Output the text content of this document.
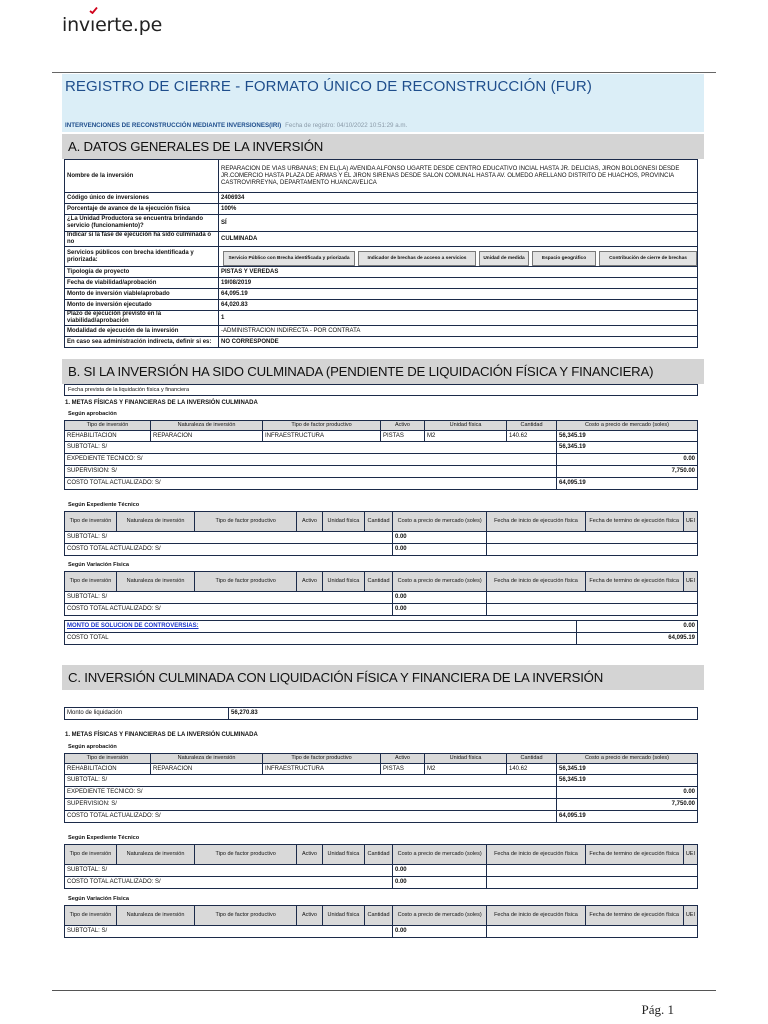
inv
ıerte.pe
REGISTRO DE CIERRE - FORMATO ÚNICO DE RECONSTRUCCIÓN (FUR)
INTERVENCIONES DE RECONSTRUCCIÓN MEDIANTE INVERSIONES(IRI) Fecha de registro: 04/10/2022 10:51:29 a.m.
A. DATOS GENERALES DE LA INVERSIÓN
Nombre de la inversión	REPARACION DE VIAS URBANAS; EN EL(LA) AVENIDA ALFONSO UGARTE DESDE CENTRO EDUCATIVO INCIAL HASTA JR. DELICIAS, JIRON BOLOGNESI DESDE JR.COMERCIO HASTA PLAZA DE ARMAS Y EL JIRON SIRENAS DESDE SALON COMUNAL HASTA AV. OLMEDO ARELLANO DISTRITO DE HUACHOS, PROVINCIA CASTROVIRREYNA, DEPARTAMENTO HUANCAVELICA
Código único de inversiones	2406934
Porcentaje de avance de la ejecución física	100%
¿La Unidad Productora se encuentra brindando servicio (funcionamiento)?	SÍ
Indicar si la fase de ejecución ha sido culminada o no	CULMINADA
Servicios públicos con brecha identificada y priorizada:	Servicio Público con Brecha identificada y priorizada Indicador de brechas de acceso a servicios Unidad de medida Espacio geográfico Contribución de cierre de brechas

Tipología de proyecto	PISTAS Y VEREDAS
Fecha de viabilidad/aprobación	19/08/2019
Monto de inversión viable/aprobado	64,095.19
Monto de inversión ejecutado	64,020.83
Plazo de ejecución previsto en la viabilidad/aprobación	1
Modalidad de ejecución de la inversión	-ADMINISTRACION INDIRECTA - POR CONTRATA
En caso sea administración indirecta, definir si es:	NO CORRESPONDE
B. SI LA INVERSIÓN HA SIDO CULMINADA (PENDIENTE DE LIQUIDACIÓN FÍSICA Y FINANCIERA)
Fecha prevista de la liquidación física y financiera
1. METAS FÍSICAS Y FINANCIERAS DE LA INVERSIÓN CULMINADA
Según aprobación
Tipo de inversión	Naturaleza de inversión	Tipo de factor productivo	Activo	Unidad física	Cantidad	Costo a precio de mercado (soles)
REHABILITACION	REPARACION	INFRAESTRUCTURA	PISTAS	M2	140.62	56,345.19
SUBTOTAL: S/						56,345.19
EXPEDIENTE TECNICO: S/						0.00
SUPERVISION: S/						7,750.00
COSTO TOTAL ACTUALIZADO: S/						64,095.19
Según Expediente Técnico
Tipo de inversión	Naturaleza de inversión	Tipo de factor productivo	Activo	Unidad física	Cantidad	Costo a precio de mercado (soles)	Fecha de inicio de ejecución física	Fecha de termino de ejecución física	UEI
SUBTOTAL: S/						0.00			
COSTO TOTAL ACTUALIZADO: S/						0.00			
Según Variación Física
Tipo de inversión	Naturaleza de inversión	Tipo de factor productivo	Activo	Unidad física	Cantidad	Costo a precio de mercado (soles)	Fecha de inicio de ejecución física	Fecha de termino de ejecución física	UEI
SUBTOTAL: S/						0.00			
COSTO TOTAL ACTUALIZADO: S/						0.00			
MONTO DE SOLUCION DE CONTROVERSIAS:	0.00
COSTO TOTAL	64,095.19
C. INVERSIÓN CULMINADA CON LIQUIDACIÓN FÍSICA Y FINANCIERA DE LA INVERSIÓN
Monto de liquidación	56,270.83
1. METAS FÍSICAS Y FINANCIERAS DE LA INVERSIÓN CULMINADA
Según aprobación
Tipo de inversión	Naturaleza de inversión	Tipo de factor productivo	Activo	Unidad física	Cantidad	Costo a precio de mercado (soles)
REHABILITACION	REPARACION	INFRAESTRUCTURA	PISTAS	M2	140.62	56,345.19
SUBTOTAL: S/						56,345.19
EXPEDIENTE TECNICO: S/						0.00
SUPERVISION: S/						7,750.00
COSTO TOTAL ACTUALIZADO: S/						64,095.19
Según Expediente Técnico
Tipo de inversión	Naturaleza de inversión	Tipo de factor productivo	Activo	Unidad física	Cantidad	Costo a precio de mercado (soles)	Fecha de inicio de ejecución física	Fecha de termino de ejecución física	UEI
SUBTOTAL: S/						0.00			
COSTO TOTAL ACTUALIZADO: S/						0.00			
Según Variación Física
Tipo de inversión	Naturaleza de inversión	Tipo de factor productivo	Activo	Unidad física	Cantidad	Costo a precio de mercado (soles)	Fecha de inicio de ejecución física	Fecha de termino de ejecución física	UEI
SUBTOTAL: S/						0.00			
Pág. 1
